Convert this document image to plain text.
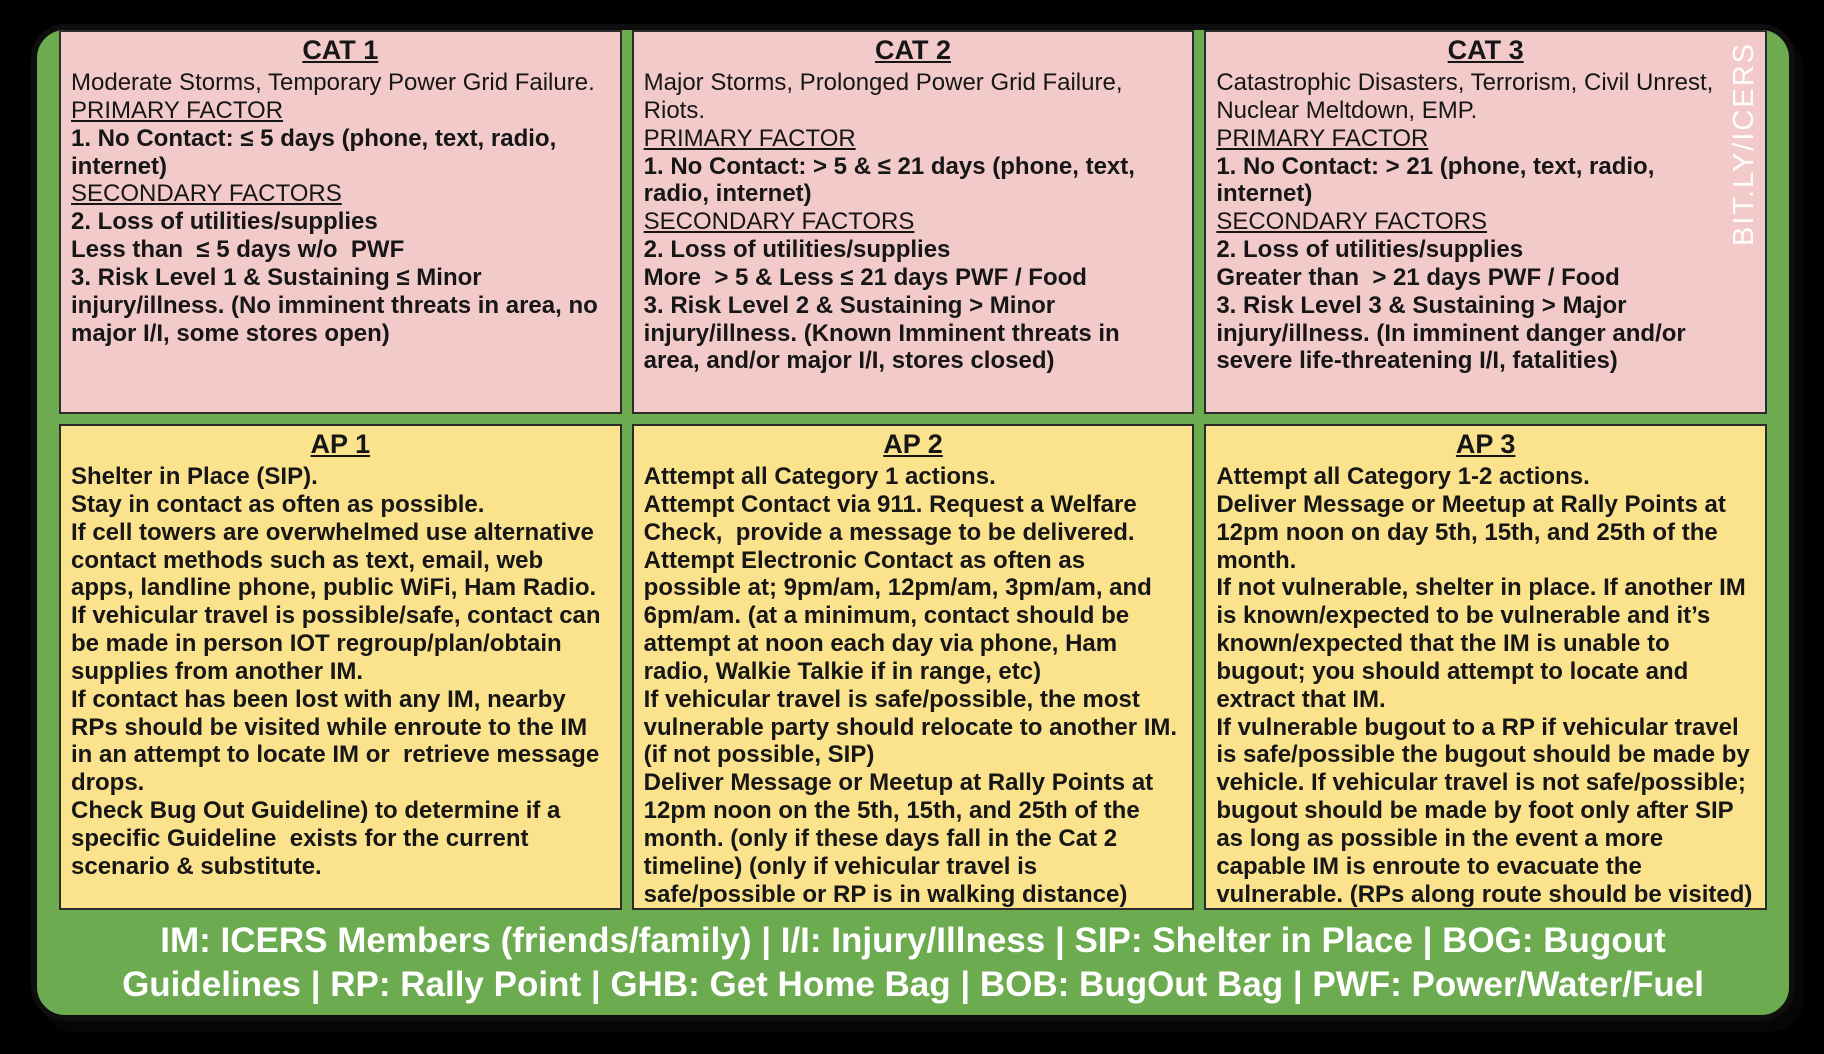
CAT 1
Moderate Storms, Temporary Power Grid Failure.
PRIMARY FACTOR
1. No Contact: ≤ 5 days (phone, text, radio, internet)
SECONDARY FACTORS
2. Loss of utilities/supplies
Less than  ≤ 5 days w/o  PWF
3. Risk Level 1 & Sustaining ≤ Minor injury/illness. (No imminent threats in area, no major I/I, some stores open)
CAT 2
Major Storms, Prolonged Power Grid Failure, Riots.
PRIMARY FACTOR
1. No Contact: > 5 & ≤ 21 days (phone, text, radio, internet)
SECONDARY FACTORS
2. Loss of utilities/supplies
More  > 5 & Less ≤ 21 days PWF / Food
3. Risk Level 2 & Sustaining > Minor injury/illness. (Known Imminent threats in area, and/or major I/I, stores closed)
BIT.LY/ICERS
CAT 3
Catastrophic Disasters, Terrorism, Civil Unrest, Nuclear Meltdown, EMP.
PRIMARY FACTOR
1. No Contact: > 21 (phone, text, radio, internet)
SECONDARY FACTORS
2. Loss of utilities/supplies
Greater than  > 21 days PWF / Food
3. Risk Level 3 & Sustaining > Major injury/illness. (In imminent danger and/or severe life-threatening I/I, fatalities)
AP 1
Shelter in Place (SIP).
Stay in contact as often as possible.
If cell towers are overwhelmed use alternative contact methods such as text, email, web apps, landline phone, public WiFi, Ham Radio.
If vehicular travel is possible/safe, contact can be made in person IOT regroup/plan/obtain supplies from another IM.
If contact has been lost with any IM, nearby RPs should be visited while enroute to the IM in an attempt to locate IM or  retrieve message drops.
Check Bug Out Guideline) to determine if a specific Guideline  exists for the current scenario & substitute.
AP 2
Attempt all Category 1 actions.
Attempt Contact via 911. Request a Welfare Check,  provide a message to be delivered.
Attempt Electronic Contact as often as possible at; 9pm/am, 12pm/am, 3pm/am, and 6pm/am. (at a minimum, contact should be attempt at noon each day via phone, Ham radio, Walkie Talkie if in range, etc)
If vehicular travel is safe/possible, the most vulnerable party should relocate to another IM. (if not possible, SIP)
Deliver Message or Meetup at Rally Points at 12pm noon on the 5th, 15th, and 25th of the month. (only if these days fall in the Cat 2 timeline) (only if vehicular travel is safe/possible or RP is in walking distance)
AP 3
Attempt all Category 1-2 actions.
Deliver Message or Meetup at Rally Points at 12pm noon on day 5th, 15th, and 25th of the month.
If not vulnerable, shelter in place. If another IM is known/expected to be vulnerable and it’s known/expected that the IM is unable to bugout; you should attempt to locate and extract that IM.
If vulnerable bugout to a RP if vehicular travel is safe/possible the bugout should be made by vehicle. If vehicular travel is not safe/possible; bugout should be made by foot only after SIP as long as possible in the event a more capable IM is enroute to evacuate the vulnerable. (RPs along route should be visited)
IM: ICERS Members (friends/family) | I/I: Injury/Illness | SIP: Shelter in Place | BOG: Bugout
Guidelines | RP: Rally Point | GHB: Get Home Bag | BOB: BugOut Bag | PWF: Power/Water/Fuel
